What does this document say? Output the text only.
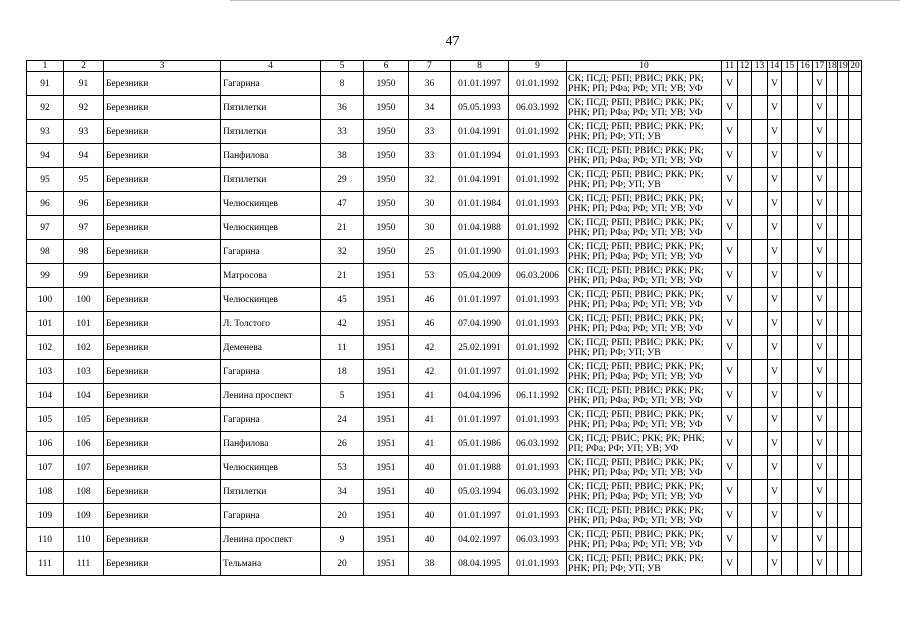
47
1	2	3	4	5	6	7	8	9	10	11	12	13	14	15	16	17	18	19	20
91	91	Березники	Гагарина	8	1950	36	01.01.1997	01.01.1992	СК; ПСД; РБП; РВИС; РКК; РК; РНК; РП; РФа; РФ; УП; УВ; УФ	V			V			V			
92	92	Березники	Пятилетки	36	1950	34	05.05.1993	06.03.1992	СК; ПСД; РБП; РВИС; РКК; РК; РНК; РП; РФа; РФ; УП; УВ; УФ	V			V			V			
93	93	Березники	Пятилетки	33	1950	33	01.04.1991	01.01.1992	СК; ПСД; РБП; РВИС; РКК; РК; РНК; РП; РФ; УП; УВ	V			V			V			
94	94	Березники	Панфилова	38	1950	33	01.01.1994	01.01.1993	СК; ПСД; РБП; РВИС; РКК; РК; РНК; РП; РФа; РФ; УП; УВ; УФ	V			V			V			
95	95	Березники	Пятилетки	29	1950	32	01.04.1991	01.01.1992	СК; ПСД; РБП; РВИС; РКК; РК; РНК; РП; РФ; УП; УВ	V			V			V			
96	96	Березники	Челюскинцев	47	1950	30	01.01.1984	01.01.1993	СК; ПСД; РБП; РВИС; РКК; РК; РНК; РП; РФа; РФ; УП; УВ; УФ	V			V			V			
97	97	Березники	Челюскинцев	21	1950	30	01.04.1988	01.01.1992	СК; ПСД; РБП; РВИС; РКК; РК; РНК; РП; РФа; РФ; УП; УВ; УФ	V			V			V			
98	98	Березники	Гагарина	32	1950	25	01.01.1990	01.01.1993	СК; ПСД; РБП; РВИС; РКК; РК; РНК; РП; РФа; РФ; УП; УВ; УФ	V			V			V			
99	99	Березники	Матросова	21	1951	53	05.04.2009	06.03.2006	СК; ПСД; РБП; РВИС; РКК; РК; РНК; РП; РФа; РФ; УП; УВ; УФ	V			V			V			
100	100	Березники	Челюскинцев	45	1951	46	01.01.1997	01.01.1993	СК; ПСД; РБП; РВИС; РКК; РК; РНК; РП; РФа; РФ; УП; УВ; УФ	V			V			V			
101	101	Березники	Л. Толстого	42	1951	46	07.04.1990	01.01.1993	СК; ПСД; РБП; РВИС; РКК; РК; РНК; РП; РФа; РФ; УП; УВ; УФ	V			V			V			
102	102	Березники	Деменева	11	1951	42	25.02.1991	01.01.1992	СК; ПСД; РБП; РВИС; РКК; РК; РНК; РП; РФ; УП; УВ	V			V			V			
103	103	Березники	Гагарина	18	1951	42	01.01.1997	01.01.1992	СК; ПСД; РБП; РВИС; РКК; РК; РНК; РП; РФа; РФ; УП; УВ; УФ	V			V			V			
104	104	Березники	Ленина проспект	5	1951	41	04.04.1996	06.11.1992	СК; ПСД; РБП; РВИС; РКК; РК; РНК; РП; РФа; РФ; УП; УВ; УФ	V			V			V			
105	105	Березники	Гагарина	24	1951	41	01.01.1997	01.01.1993	СК; ПСД; РБП; РВИС; РКК; РК; РНК; РП; РФа; РФ; УП; УВ; УФ	V			V			V			
106	106	Березники	Панфилова	26	1951	41	05.01.1986	06.03.1992	СК; ПСД; РВИС; РКК; РК; РНК; РП; РФа; РФ; УП; УВ; УФ	V			V			V			
107	107	Березники	Челюскинцев	53	1951	40	01.01.1988	01.01.1993	СК; ПСД; РБП; РВИС; РКК; РК; РНК; РП; РФа; РФ; УП; УВ; УФ	V			V			V			
108	108	Березники	Пятилетки	34	1951	40	05.03.1994	06.03.1992	СК; ПСД; РБП; РВИС; РКК; РК; РНК; РП; РФа; РФ; УП; УВ; УФ	V			V			V			
109	109	Березники	Гагарина	20	1951	40	01.01.1997	01.01.1993	СК; ПСД; РБП; РВИС; РКК; РК; РНК; РП; РФа; РФ; УП; УВ; УФ	V			V			V			
110	110	Березники	Ленина проспект	9	1951	40	04.02.1997	06.03.1993	СК; ПСД; РБП; РВИС; РКК; РК; РНК; РП; РФа; РФ; УП; УВ; УФ	V			V			V			
111	111	Березники	Тельмана	20	1951	38	08.04.1995	01.01.1993	СК; ПСД; РБП; РВИС; РКК; РК; РНК; РП; РФ; УП; УВ	V			V			V			
